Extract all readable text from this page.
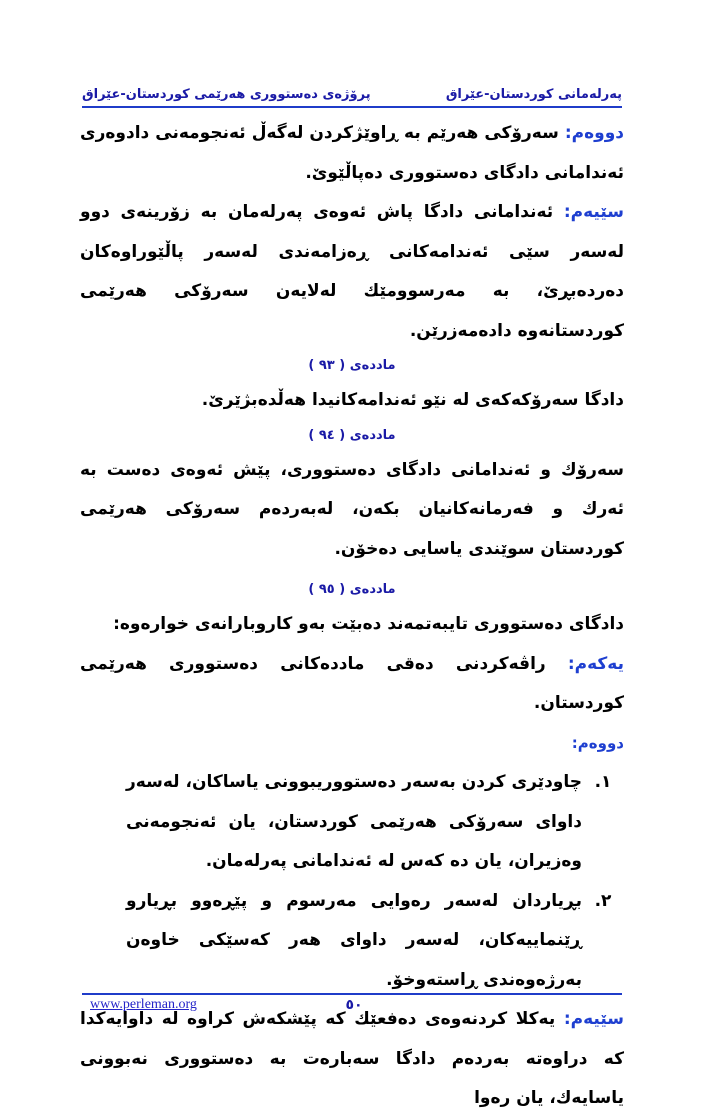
پەرلەمانی کوردستان-عێراق
پرۆژەی دەستووری هەرێمی کوردستان-عێراق

دووەم: سەرۆکی هەرێم بە ڕاوێژکردن لەگەڵ ئەنجومەنی دادوەری ئەندامانی دادگای دەستووری دەپاڵێوێ.

سێیەم: ئەندامانی دادگا پاش ئەوەی پەرلەمان بە زۆرینەی دوو لەسەر سێی ئەندامەکانی ڕەزامەندی لەسەر پاڵێوراوەکان دەردەبڕێ، بە مەرسوومێك لەلایەن سەرۆکی هەرێمی کوردستانەوە دادەمەزرێن.

ماددەی ( ٩٣ )

دادگا سەرۆکەکەی لە نێو ئەندامەکانیدا هەڵدەبژێرێ.

ماددەی ( ٩٤ )

سەرۆك و ئەندامانی دادگای دەستووری، پێش ئەوەی دەست بە ئەرك و فەرمانەکانیان بکەن، لەبەردەم سەرۆکی هەرێمی کوردستان سوێندی یاسایی دەخۆن.

ماددەی ( ٩٥ )

دادگای دەستووری تایبەتمەند دەبێت بەو کاروبارانەی خوارەوە:

یەکەم: راڤەکردنی دەقی ماددەکانی دەستووری هەرێمی کوردستان.

دووەم:

١.
چاودێری کردن بەسەر دەستووریبوونی یاساکان، لەسەر داوای سەرۆکی هەرێمی کوردستان، یان ئەنجومەنی وەزیران، یان دە کەس لە ئەندامانی پەرلەمان.
٢.
بڕیاردان لەسەر رەوایی مەرسوم و پێڕەوو بڕیارو ڕێنماییەکان، لەسەر داوای هەر کەسێکی خاوەن بەرژەوەندی ڕاستەوخۆ.

سێیەم: یەکلا کردنەوەی دەفعێك کە پێشکەش کراوە لە داوایەکدا کە دراوەتە بەردەم دادگا سەبارەت بە دەستووری نەبوونی یاسایەك، یان رەوا

www.perleman.org	٥٠
